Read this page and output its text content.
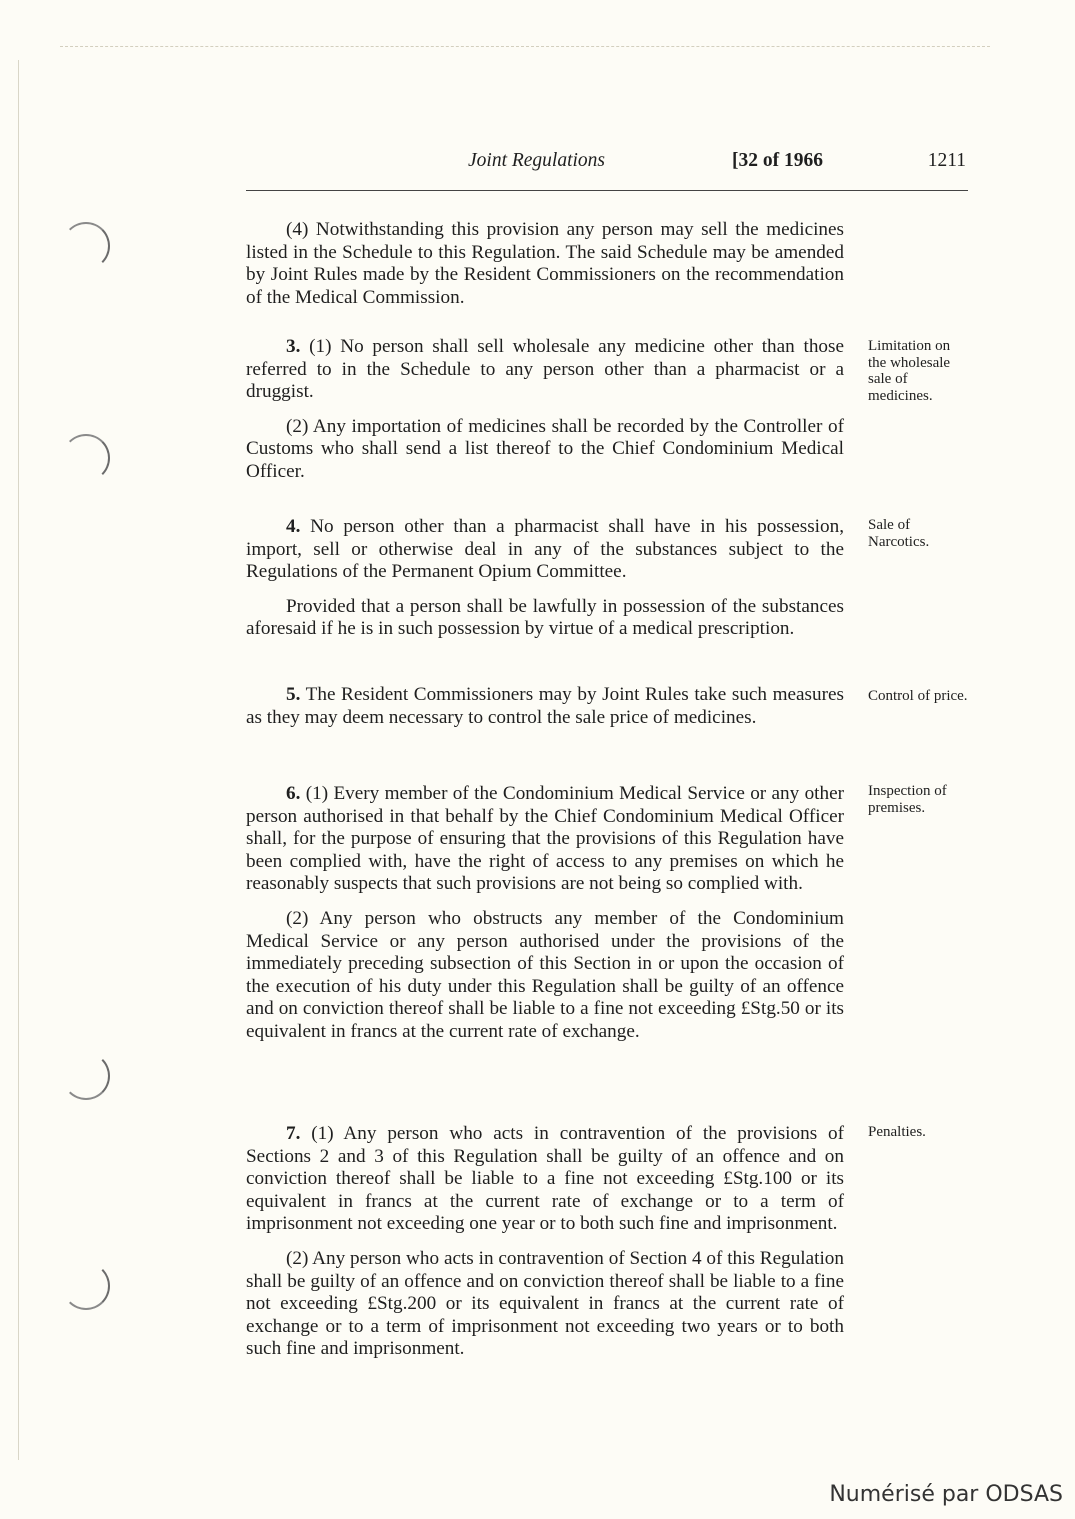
Joint Regulations	[32 of 1966	1211

(4) Notwithstanding this provision any person may sell the medicines listed in the Schedule to this Regulation. The said Schedule may be amended by Joint Rules made by the Resident Commissioners on the recommendation of the Medical Commission.

3. (1) No person shall sell wholesale any medicine other than those referred to in the Schedule to any person other than a pharmacist or a druggist.

(2) Any importation of medicines shall be recorded by the Controller of Customs who shall send a list thereof to the Chief Condominium Medical Officer.

Limitation on the wholesale sale of medicines.

4. No person other than a pharmacist shall have in his possession, import, sell or otherwise deal in any of the substances subject to the Regulations of the Permanent Opium Committee.

Provided that a person shall be lawfully in possession of the substances aforesaid if he is in such possession by virtue of a medical prescription.

Sale of Narcotics.

5. The Resident Commissioners may by Joint Rules take such measures as they may deem necessary to control the sale price of medicines.

Control of price.

6. (1) Every member of the Condominium Medical Service or any other person authorised in that behalf by the Chief Condominium Medical Officer shall, for the purpose of ensuring that the provisions of this Regulation have been complied with, have the right of access to any premises on which he reasonably suspects that such provisions are not being so complied with.

(2) Any person who obstructs any member of the Condominium Medical Service or any person authorised under the provisions of the immediately preceding subsection of this Section in or upon the occasion of the execution of his duty under this Regulation shall be guilty of an offence and on conviction thereof shall be liable to a fine not exceeding £Stg.50 or its equivalent in francs at the current rate of exchange.

Inspection of premises.

7. (1) Any person who acts in contravention of the provisions of Sections 2 and 3 of this Regulation shall be guilty of an offence and on conviction thereof shall be liable to a fine not exceeding £Stg.100 or its equivalent in francs at the current rate of exchange or to a term of imprisonment not exceeding one year or to both such fine and imprisonment.

(2) Any person who acts in contravention of Section 4 of this Regulation shall be guilty of an offence and on conviction thereof shall be liable to a fine not exceeding £Stg.200 or its equivalent in francs at the current rate of exchange or to a term of imprisonment not exceeding two years or to both such fine and imprisonment.

Penalties.
Numérisé par ODSAS
